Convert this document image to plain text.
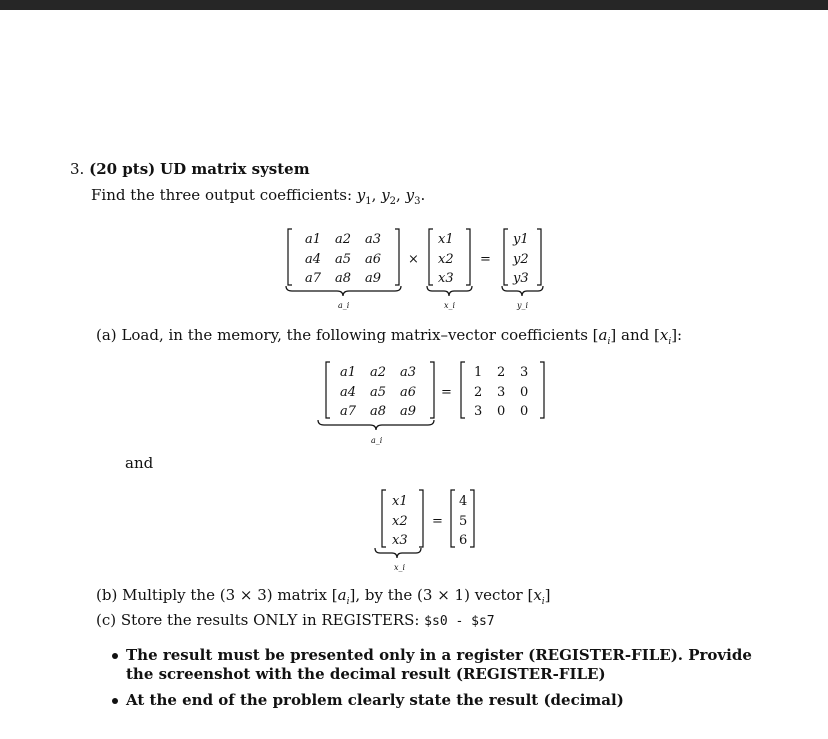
3. (20 pts) UD matrix system
Find the three output coefficients: $y_1$, $y_2$, $y_3$.
a1 a2 a3
a4 a5 a6
a7 a8 a9
×
x1
x2
x3
=
y1
y2
y3
a_i	x_i	y_i
a1 a2 a3
a4 a5 a6
a7 a8 a9
=
1 2 3
2 3 0
3 0 0
a_i
x1
x2
x3
=
4
5
6
x_i
(a) Load, in the memory, the following matrix–vector coefficients $[a_i]$ and $[x_i]$:
and
(b) Multiply the (3 × 3) matrix $[a_i]$, by the (3 × 1) vector $[x_i]$
(c) Store the results ONLY in REGISTERS: $s0 - $s7
The result must be presented only in a register (REGISTER-FILE). Provide
the screenshot with the decimal result (REGISTER-FILE)
At the end of the problem clearly state the result (decimal)
